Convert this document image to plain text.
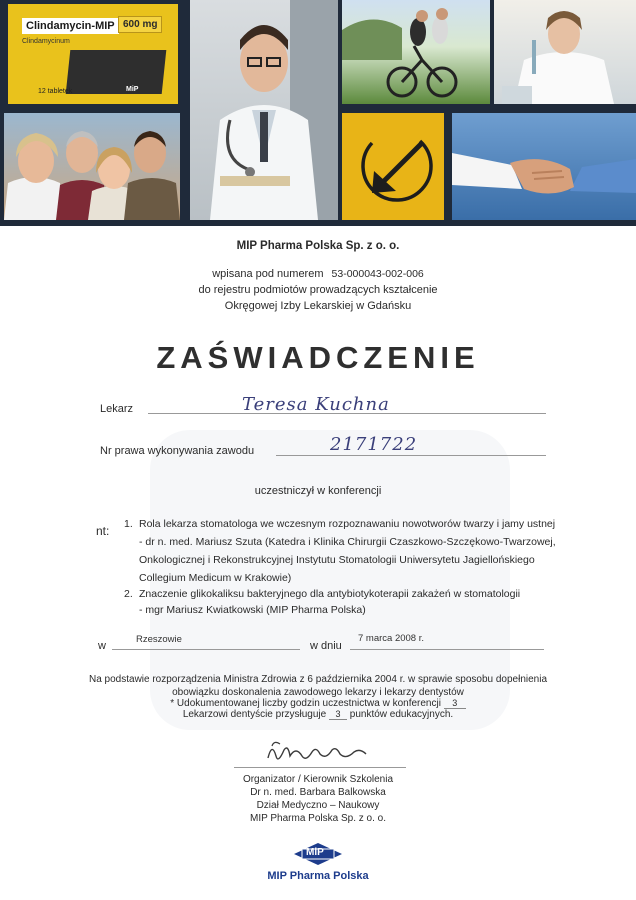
Clindamycin-MIP 600 mg
Clindamycinum
12 tabletek	MiP
MIP Pharma Polska Sp. z o. o.
wpisana pod numerem 53-000043-002-006
do rejestru podmiotów prowadzących kształcenie
Okręgowej Izby Lekarskiej w Gdańsku
ZAŚWIADCZENIE
Lekarz	Teresa Kuchna
Nr prawa wykonywania zawodu	2171722
uczestniczył w konferencji
nt: 1. Rola lekarza stomatologa we wczesnym rozpoznawaniu nowotworów twarzy i jamy ustnej
- dr n. med. Mariusz Szuta (Katedra i Klinika Chirurgii Czaszkowo-Szczękowo-Twarzowej,
Onkologicznej i Rekonstrukcyjnej Instytutu Stomatologii Uniwersytetu Jagiellońskiego
Collegium Medicum w Krakowie)
2. Znaczenie glikokaliksu bakteryjnego dla antybiotykoterapii zakażeń w stomatologii
- mgr Mariusz Kwiatkowski (MIP Pharma Polska)
w
Rzeszowie
w dniu
7 marca 2008 r.
Na podstawie rozporządzenia Ministra Zdrowia z 6 października 2004 r. w sprawie sposobu dopełnienia
obowiązku doskonalenia zawodowego lekarzy i lekarzy dentystów
* Udokumentowanej liczby godzin uczestnictwa w konferencji 3
Lekarzowi dentyście przysługuje 3 punktów edukacyjnych.
Organizator / Kierownik Szkolenia
Dr n. med. Barbara Balkowska
Dział Medyczno – Naukowy
MIP Pharma Polska Sp. z o. o.
MiP
MIP Pharma Polska
